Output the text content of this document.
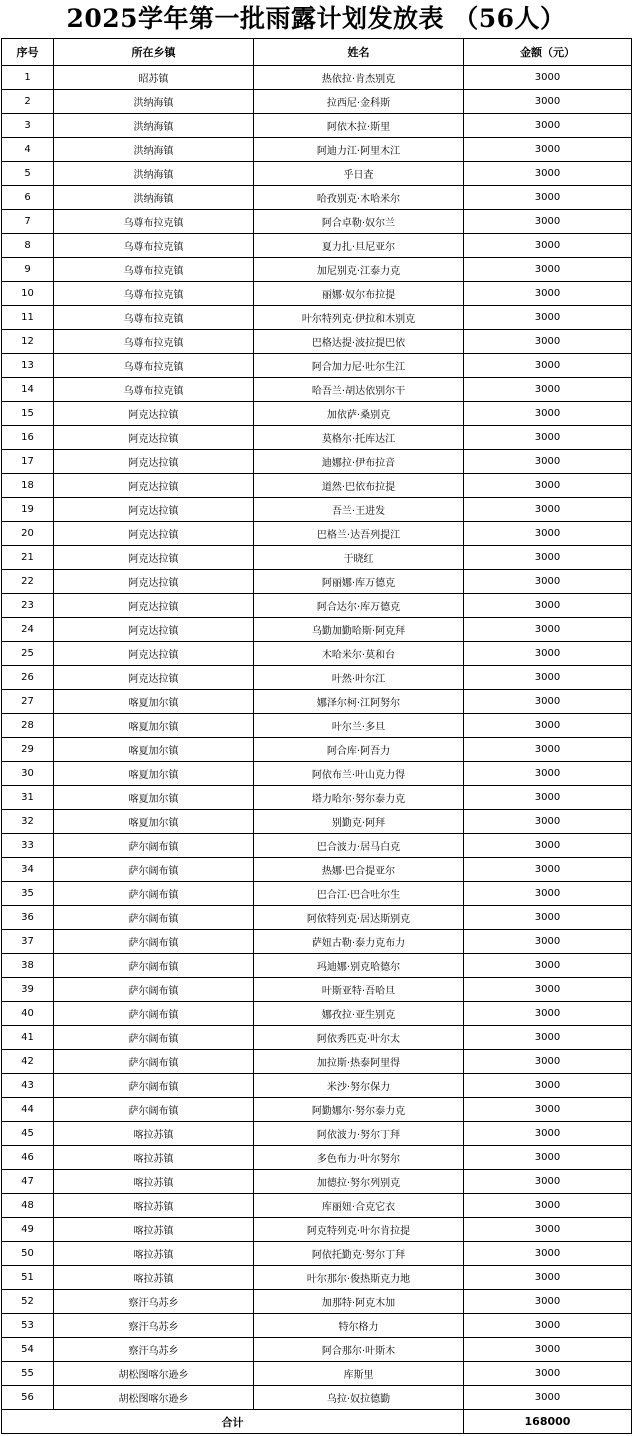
2025学年第一批雨露计划发放表 （56人）
序号	所在乡镇	姓名	金额（元）
1	昭苏镇	热依拉·肯杰别克	3000
2	洪纳海镇	拉西尼·金科斯	3000
3	洪纳海镇	阿依木拉·斯里	3000
4	洪纳海镇	阿迪力江·阿里木江	3000
5	洪纳海镇	乎日査	3000
6	洪纳海镇	哈孜别克·木哈米尔	3000
7	乌尊布拉克镇	阿合卓勒·奴尔兰	3000
8	乌尊布拉克镇	夏力扎·旦尼亚尔	3000
9	乌尊布拉克镇	加尼别克·江泰力克	3000
10	乌尊布拉克镇	丽娜·奴尔布拉提	3000
11	乌尊布拉克镇	叶尔特列克·伊拉和木别克	3000
12	乌尊布拉克镇	巴格达提·波拉提巴依	3000
13	乌尊布拉克镇	阿合加力尼·吐尔生江	3000
14	乌尊布拉克镇	哈吾兰·胡达依别尔干	3000
15	阿克达拉镇	加依萨·桑别克	3000
16	阿克达拉镇	莫格尔·托库达江	3000
17	阿克达拉镇	迪娜拉·伊布拉音	3000
18	阿克达拉镇	道然·巴依布拉提	3000
19	阿克达拉镇	吾兰·王进发	3000
20	阿克达拉镇	巴格兰·达吾列提江	3000
21	阿克达拉镇	于晓红	3000
22	阿克达拉镇	阿丽娜·库万德克	3000
23	阿克达拉镇	阿合达尔·库万德克	3000
24	阿克达拉镇	乌勤加勤哈斯·阿克拜	3000
25	阿克达拉镇	木哈米尔·莫和台	3000
26	阿克达拉镇	叶然·叶尔江	3000
27	喀夏加尔镇	娜泽尔柯·江阿努尔	3000
28	喀夏加尔镇	叶尔兰·多旦	3000
29	喀夏加尔镇	阿合库·阿吾力	3000
30	喀夏加尔镇	阿依布兰·叶山克力得	3000
31	喀夏加尔镇	塔力哈尔·努尔泰力克	3000
32	喀夏加尔镇	别勤克·阿拜	3000
33	萨尔阔布镇	巴合波力·居马白克	3000
34	萨尔阔布镇	热娜·巴合提亚尔	3000
35	萨尔阔布镇	巴合江·巴合吐尔生	3000
36	萨尔阔布镇	阿依特列克·居达斯别克	3000
37	萨尔阔布镇	萨妞古勒·泰力克布力	3000
38	萨尔阔布镇	玛迪娜·别克哈德尔	3000
39	萨尔阔布镇	叶斯亚特·吾哈旦	3000
40	萨尔阔布镇	娜孜拉·亚生别克	3000
41	萨尔阔布镇	阿依秀匹克·叶尔太	3000
42	萨尔阔布镇	加拉斯·热泰阿里得	3000
43	萨尔阔布镇	米沙·努尔保力	3000
44	萨尔阔布镇	阿勤娜尔·努尔泰力克	3000
45	喀拉苏镇	阿依波力·努尔丁拜	3000
46	喀拉苏镇	多色布力·叶尔努尔	3000
47	喀拉苏镇	加德拉·努尔列别克	3000
48	喀拉苏镇	库丽妞·合克它衣	3000
49	喀拉苏镇	阿克特列克·叶尔肯拉提	3000
50	喀拉苏镇	阿依托勤克·努尔丁拜	3000
51	喀拉苏镇	叶尔那尔·俊热斯克力地	3000
52	察汗乌苏乡	加那特·阿克木加	3000
53	察汗乌苏乡	特尔格力	3000
54	察汗乌苏乡	阿合那尔·叶斯木	3000
55	胡松图喀尔逊乡	库斯里	3000
56	胡松图喀尔逊乡	乌拉·奴拉德勤	3000
合计			168000
